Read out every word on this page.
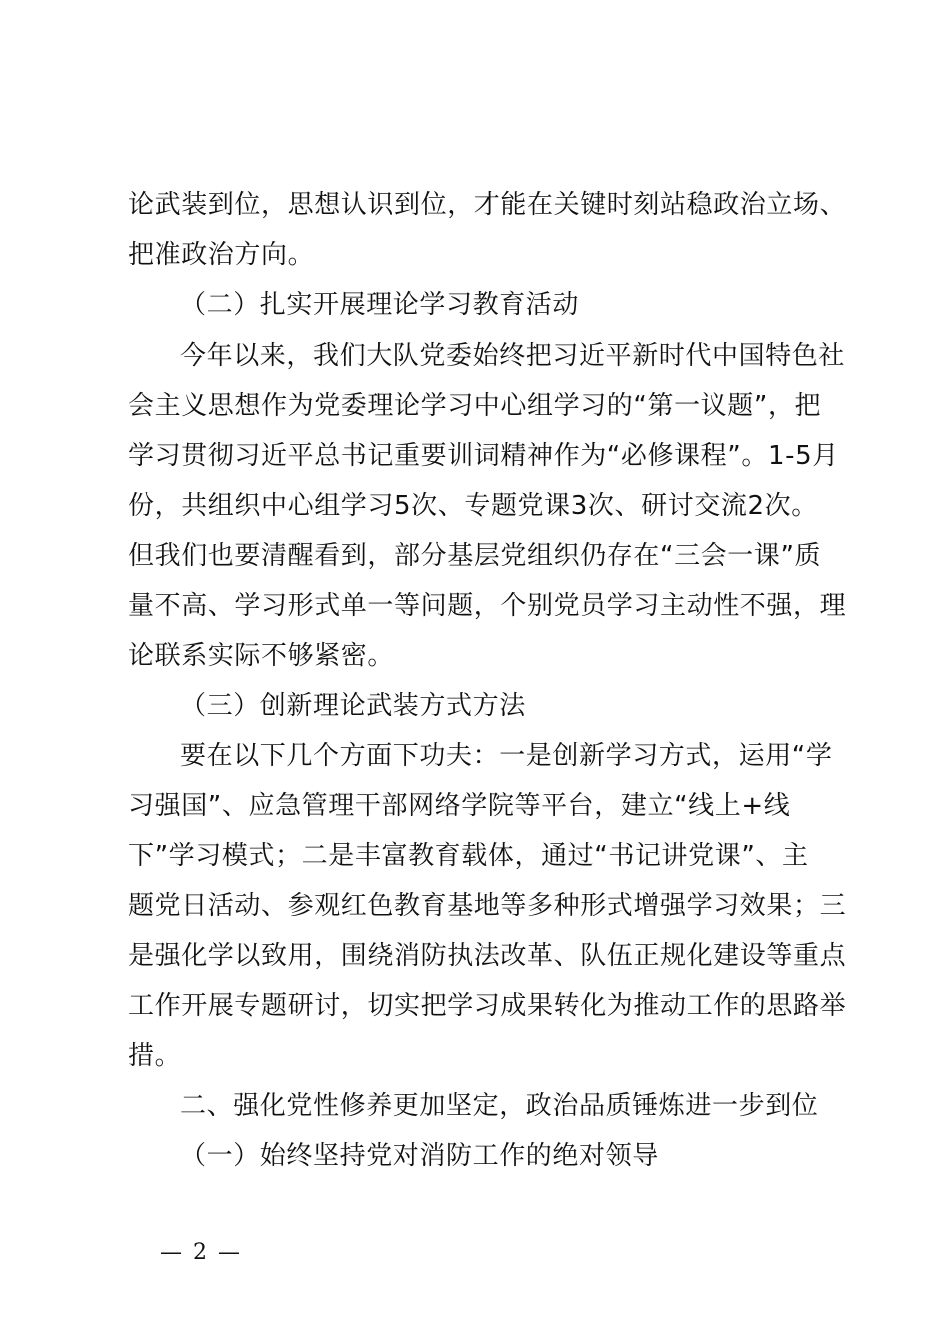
论武装到位，思想认识到位，才能在关键时刻站稳政治立场、
把准政治方向。
（二）扎实开展理论学习教育活动
今年以来，我们大队党委始终把习近平新时代中国特色社
会主义思想作为党委理论学习中心组学习的“第一议题”，把
学习贯彻习近平总书记重要训词精神作为“必修课程”。1-5月
份，共组织中心组学习5次、专题党课3次、研讨交流2次。
但我们也要清醒看到，部分基层党组织仍存在“三会一课”质
量不高、学习形式单一等问题，个别党员学习主动性不强，理
论联系实际不够紧密。
（三）创新理论武装方式方法
要在以下几个方面下功夫：一是创新学习方式，运用“学
习强国”、应急管理干部网络学院等平台，建立“线上+线
下”学习模式；二是丰富教育载体，通过“书记讲党课”、主
题党日活动、参观红色教育基地等多种形式增强学习效果；三
是强化学以致用，围绕消防执法改革、队伍正规化建设等重点
工作开展专题研讨，切实把学习成果转化为推动工作的思路举
措。
二、强化党性修养更加坚定，政治品质锤炼进一步到位
（一）始终坚持党对消防工作的绝对领导
— 2 —
